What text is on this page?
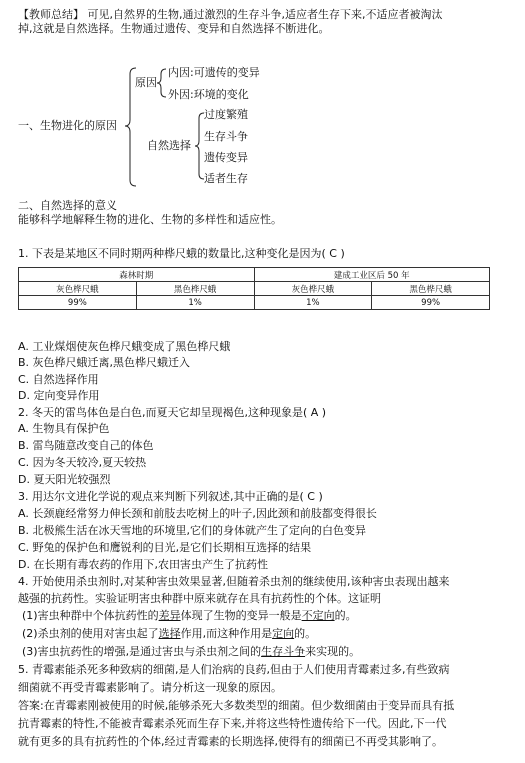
【教师总结】 可见,自然界的生物,通过激烈的生存斗争,适应者生存下来,不适应者被淘汰
掉,这就是自然选择。生物通过遗传、变异和自然选择不断进化。
一、生物进化的原因
原因
内因:可遗传的变异
外因:环境的变化
自然选择
过度繁殖
生存斗争
遗传变异
适者生存
二、自然选择的意义
能够科学地解释生物的进化、生物的多样性和适应性。
1. 下表是某地区不同时期两种桦尺蛾的数量比,这种变化是因为( C )
森林时期		建成工业区后 50 年	
灰色桦尺蛾	黑色桦尺蛾	灰色桦尺蛾	黑色桦尺蛾
99%	1%	1%	99%
A. 工业煤烟使灰色桦尺蛾变成了黑色桦尺蛾
B. 灰色桦尺蛾迁离,黑色桦尺蛾迁入
C. 自然选择作用
D. 定向变异作用
2. 冬天的雷鸟体色是白色,而夏天它却呈现褐色,这种现象是( A )
A. 生物具有保护色
B. 雷鸟随意改变自己的体色
C. 因为冬天较冷,夏天较热
D. 夏天阳光较强烈
3. 用达尔文进化学说的观点来判断下列叙述,其中正确的是( C )
A. 长颈鹿经常努力伸长颈和前肢去吃树上的叶子,因此颈和前肢都变得很长
B. 北极熊生活在冰天雪地的环境里,它们的身体就产生了定向的白色变异
C. 野兔的保护色和鹰锐利的目光,是它们长期相互选择的结果
D. 在长期有毒农药的作用下,农田害虫产生了抗药性
4. 开始使用杀虫剂时,对某种害虫效果显著,但随着杀虫剂的继续使用,该种害虫表现出越来
越强的抗药性。实验证明害虫种群中原来就存在具有抗药性的个体。这证明
(1)害虫种群中个体抗药性的差异体现了生物的变异一般是不定向的。
(2)杀虫剂的使用对害虫起了选择作用,而这种作用是定向的。
(3)害虫抗药性的增强,是通过害虫与杀虫剂之间的生存斗争来实现的。
5. 青霉素能杀死多种致病的细菌,是人们治病的良药,但由于人们使用青霉素过多,有些致病
细菌就不再受青霉素影响了。请分析这一现象的原因。
答案:在青霉素刚被使用的时候,能够杀死大多数类型的细菌。但少数细菌由于变异而具有抵
抗青霉素的特性,不能被青霉素杀死而生存下来,并将这些特性遗传给下一代。因此,下一代
就有更多的具有抗药性的个体,经过青霉素的长期选择,使得有的细菌已不再受其影响了。
